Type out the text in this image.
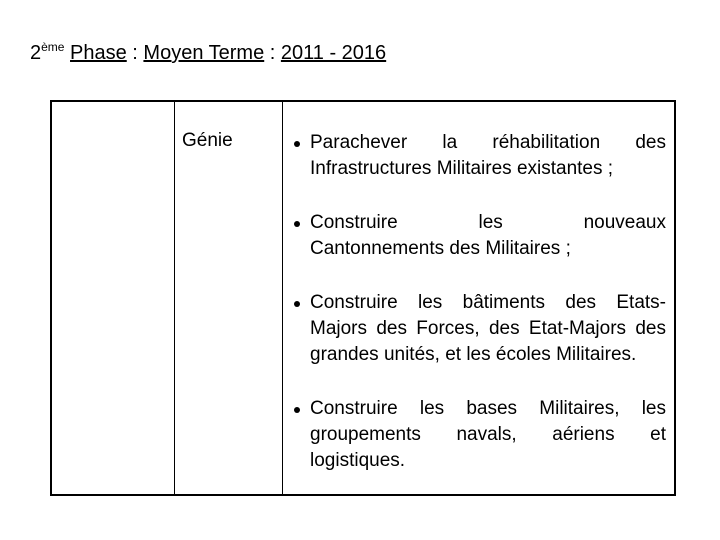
2ème Phase : Moyen Terme : 2011 - 2016
Génie	Parachever la réhabilitation des
Infrastructures Militaires existantes ;
Construire les nouveaux
Cantonnements des Militaires ;
Construire les bâtiments des Etats-
Majors des Forces, des Etat-Majors des grandes unités, et les écoles Militaires.
Construire les bases Militaires, les
groupements navals, aériens et logistiques.
